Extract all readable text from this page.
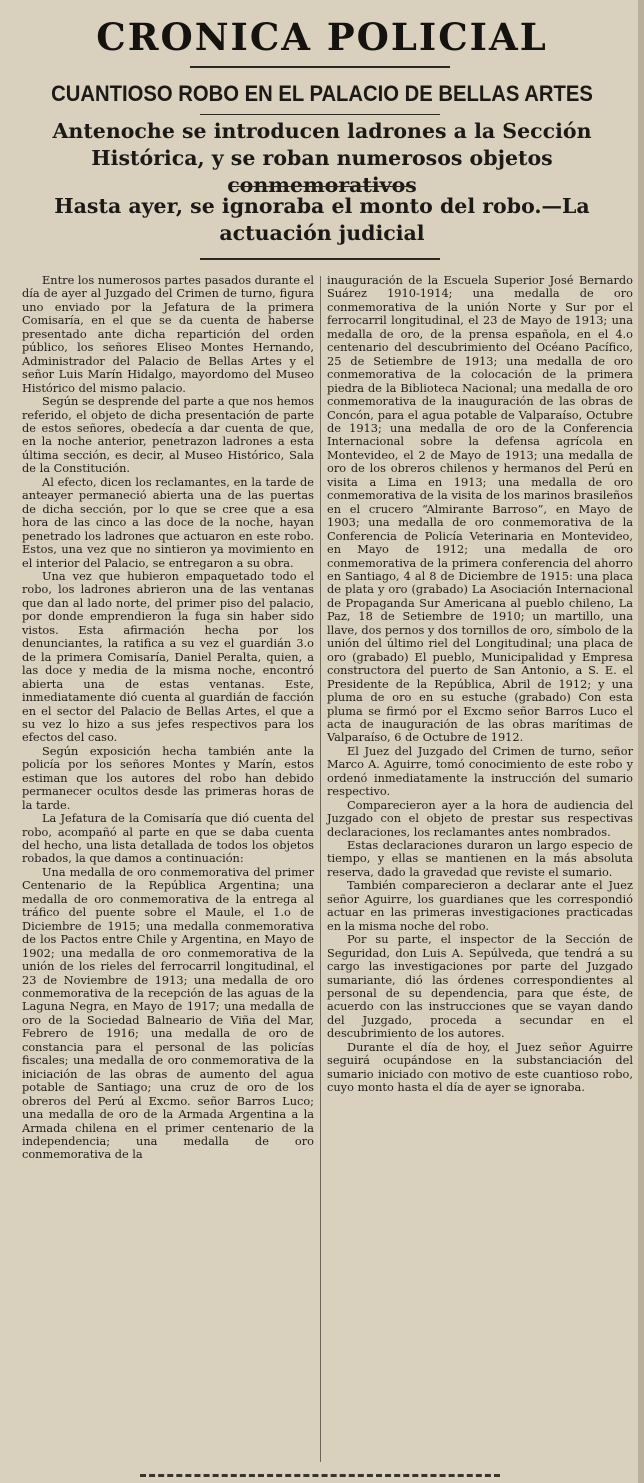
CRONICA POLICIAL
CUANTIOSO ROBO EN EL PALACIO DE BELLAS ARTES
Antenoche se introducen ladrones a la Sección Histórica, y se roban numerosos objetos conmemorativos
Hasta ayer, se ignoraba el monto del robo.—La actuación judicial

Entre los numerosos partes pasados durante el día de ayer al Juzgado del Crimen de turno, figura uno enviado por la Jefatura de la primera Comisaría, en el que se da cuenta de haberse presentado ante dicha repartición del orden público, los señores Eliseo Montes Hernando, Administrador del Palacio de Bellas Artes y el señor Luis Marín Hidalgo, mayordomo del Museo Histórico del mismo palacio.

Según se desprende del parte a que nos hemos referido, el objeto de dicha presentación de parte de estos señores, obedecía a dar cuenta de que, en la noche anterior, penetrazon ladrones a esta última sección, es decir, al Museo Histórico, Sala de la Constitución.

Al efecto, dicen los reclamantes, en la tarde de anteayer permaneció abierta una de las puertas de dicha sección, por lo que se cree que a esa hora de las cinco a las doce de la noche, hayan penetrado los ladrones que actuaron en este robo. Estos, una vez que no sintieron ya movimiento en el interior del Palacio, se entregaron a su obra.

Una vez que hubieron empaquetado todo el robo, los ladrones abrieron una de las ventanas que dan al lado norte, del primer piso del palacio, por donde emprendieron la fuga sin haber sido vistos. Esta afirmación hecha por los denunciantes, la ratifica a su vez el guardián 3.o de la primera Comisaría, Daniel Peralta, quien, a las doce y media de la misma noche, encontró abierta una de estas ventanas. Este, inmediatamente dió cuenta al guardián de facción en el sector del Palacio de Bellas Artes, el que a su vez lo hizo a sus jefes respectivos para los efectos del caso.

Según exposición hecha también ante la policía por los señores Montes y Marín, estos estiman que los autores del robo han debido permanecer ocultos desde las primeras horas de la tarde.

La Jefatura de la Comisaría que dió cuenta del robo, acompañó al parte en que se daba cuenta del hecho, una lista detallada de todos los objetos robados, la que damos a continuación:

Una medalla de oro conmemorativa del primer Centenario de la República Argentina; una medalla de oro conmemorativa de la entrega al tráfico del puente sobre el Maule, el 1.o de Diciembre de 1915; una medalla conmemorativa de los Pactos entre Chile y Argentina, en Mayo de 1902; una medalla de oro conmemorativa de la unión de los rieles del ferrocarril longitudinal, el 23 de Noviembre de 1913; una medalla de oro conmemorativa de la recepción de las aguas de la Laguna Negra, en Mayo de 1917; una medalla de oro de la Sociedad Balneario de Viña del Mar, Febrero de 1916; una medalla de oro de constancia para el personal de las policías fiscales; una medalla de oro conmemorativa de la iniciación de las obras de aumento del agua potable de Santiago; una cruz de oro de los obreros del Perú al Excmo. señor Barros Luco; una medalla de oro de la Armada Argentina a la Armada chilena en el primer centenario de la independencia; una medalla de oro conmemorativa de la

inauguración de la Escuela Superior José Bernardo Suárez 1910-1914; una medalla de oro conmemorativa de la unión Norte y Sur por el ferrocarril longitudinal, el 23 de Mayo de 1913; una medalla de oro, de la prensa española, en el 4.o centenario del descubrimiento del Océano Pacífico, 25 de Setiembre de 1913; una medalla de oro conmemorativa de la colocación de la primera piedra de la Biblioteca Nacional; una medalla de oro conmemorativa de la inauguración de las obras de Concón, para el agua potable de Valparaíso, Octubre de 1913; una medalla de oro de la Conferencia Internacional sobre la defensa agrícola en Montevideo, el 2 de Mayo de 1913; una medalla de oro de los obreros chilenos y hermanos del Perú en visita a Lima en 1913; una medalla de oro conmemorativa de la visita de los marinos brasileños en el crucero “Almirante Barroso”, en Mayo de 1903; una medalla de oro conmemorativa de la Conferencia de Policía Veterinaria en Montevideo, en Mayo de 1912; una medalla de oro conmemorativa de la primera conferencia del ahorro en Santiago, 4 al 8 de Diciembre de 1915: una placa de plata y oro (grabado) La Asociación Internacional de Propaganda Sur Americana al pueblo chileno, La Paz, 18 de Setiembre de 1910; un martillo, una llave, dos pernos y dos tornillos de oro, símbolo de la unión del último riel del Longitudinal; una placa de oro (grabado) El pueblo, Municipalidad y Empresa constructora del puerto de San Antonio, a S. E. el Presidente de la República, Abril de 1912; y una pluma de oro en su estuche (grabado) Con esta pluma se firmó por el Excmo señor Barros Luco el acta de inauguración de las obras marítimas de Valparaíso, 6 de Octubre de 1912.

El Juez del Juzgado del Crimen de turno, señor Marco A. Aguirre, tomó conocimiento de este robo y ordenó inmediatamente la instrucción del sumario respectivo.

Comparecieron ayer a la hora de audiencia del Juzgado con el objeto de prestar sus respectivas declaraciones, los reclamantes antes nombrados.

Estas declaraciones duraron un largo especio de tiempo, y ellas se mantienen en la más absoluta reserva, dado la gravedad que reviste el sumario.

También comparecieron a declarar ante el Juez señor Aguirre, los guardianes que les correspondió actuar en las primeras investigaciones practicadas en la misma noche del robo.

Por su parte, el inspector de la Sección de Seguridad, don Luis A. Sepúlveda, que tendrá a su cargo las investigaciones por parte del Juzgado sumariante, dió las órdenes correspondientes al personal de su dependencia, para que éste, de acuerdo con las instrucciones que se vayan dando del Juzgado, proceda a secundar en el descubrimiento de los autores.

Durante el día de hoy, el Juez señor Aguirre seguirá ocupándose en la substanciación del sumario iniciado con motivo de este cuantioso robo, cuyo monto hasta el día de ayer se ignoraba.
